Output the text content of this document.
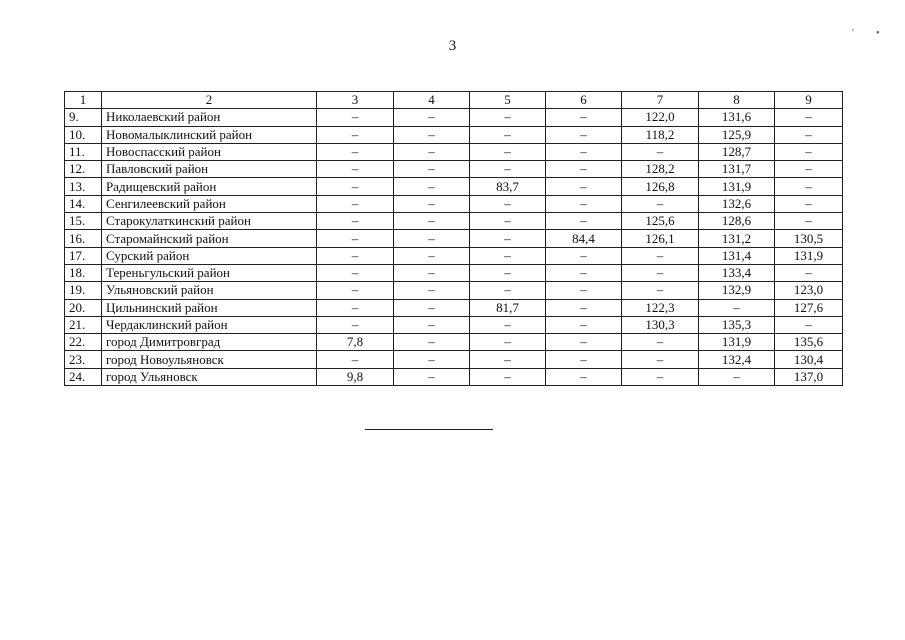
3
' •
1	2	3	4	5	6	7	8	9
9.	Николаевский район	–	–	–	–	122,0	131,6	–
10.	Новомалыклинский район	–	–	–	–	118,2	125,9	–
11.	Новоспасский район	–	–	–	–	–	128,7	–
12.	Павловский район	–	–	–	–	128,2	131,7	–
13.	Радищевский район	–	–	83,7	–	126,8	131,9	–
14.	Сенгилеевский район	–	–	–	–	–	132,6	–
15.	Старокулаткинский район	–	–	–	–	125,6	128,6	–
16.	Старомайнский район	–	–	–	84,4	126,1	131,2	130,5
17.	Сурский район	–	–	–	–	–	131,4	131,9
18.	Тереньгульский район	–	–	–	–	–	133,4	–
19.	Ульяновский район	–	–	–	–	–	132,9	123,0
20.	Цильнинский район	–	–	81,7	–	122,3	–	127,6
21.	Чердаклинский район	–	–	–	–	130,3	135,3	–
22.	город Димитровград	7,8	–	–	–	–	131,9	135,6
23.	город Новоульяновск	–	–	–	–	–	132,4	130,4
24.	город Ульяновск	9,8	–	–	–	–	–	137,0
